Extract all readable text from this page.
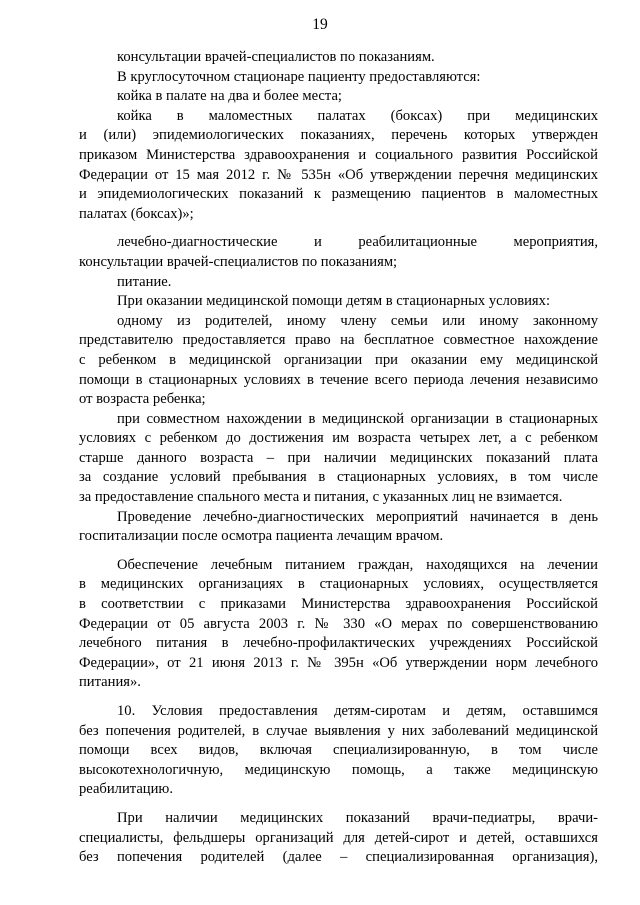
19
консультации врачей-специалистов по показаниям.
В круглосуточном стационаре пациенту предоставляются:
койка в палате на два и более места;
койка в маломестных палатах (боксах) при медицинских
и (или) эпидемиологических показаниях, перечень которых утвержден
приказом Министерства здравоохранения и социального развития Российской
Федерации от 15 мая 2012 г. № 535н «Об утверждении перечня медицинских
и эпидемиологических показаний к размещению пациентов в маломестных
палатах (боксах)»;
лечебно-диагностические и реабилитационные мероприятия,
консультации врачей-специалистов по показаниям;
питание.
При оказании медицинской помощи детям в стационарных условиях:
одному из родителей, иному члену семьи или иному законному
представителю предоставляется право на бесплатное совместное нахождение
с ребенком в медицинской организации при оказании ему медицинской
помощи в стационарных условиях в течение всего периода лечения независимо
от возраста ребенка;
при совместном нахождении в медицинской организации в стационарных
условиях с ребенком до достижения им возраста четырех лет, а с ребенком
старше данного возраста – при наличии медицинских показаний плата
за создание условий пребывания в стационарных условиях, в том числе
за предоставление спального места и питания, с указанных лиц не взимается.
Проведение лечебно-диагностических мероприятий начинается в день
госпитализации после осмотра пациента лечащим врачом.
Обеспечение лечебным питанием граждан, находящихся на лечении
в медицинских организациях в стационарных условиях, осуществляется
в соответствии с приказами Министерства здравоохранения Российской
Федерации от 05 августа 2003 г. № 330 «О мерах по совершенствованию
лечебного питания в лечебно-профилактических учреждениях Российской
Федерации», от 21 июня 2013 г. № 395н «Об утверждении норм лечебного
питания».
10. Условия предоставления детям-сиротам и детям, оставшимся
без попечения родителей, в случае выявления у них заболеваний медицинской
помощи всех видов, включая специализированную, в том числе
высокотехнологичную, медицинскую помощь, а также медицинскую
реабилитацию.
При наличии медицинских показаний врачи-педиатры, врачи-
специалисты, фельдшеры организаций для детей-сирот и детей, оставшихся
без попечения родителей (далее – специализированная организация),
